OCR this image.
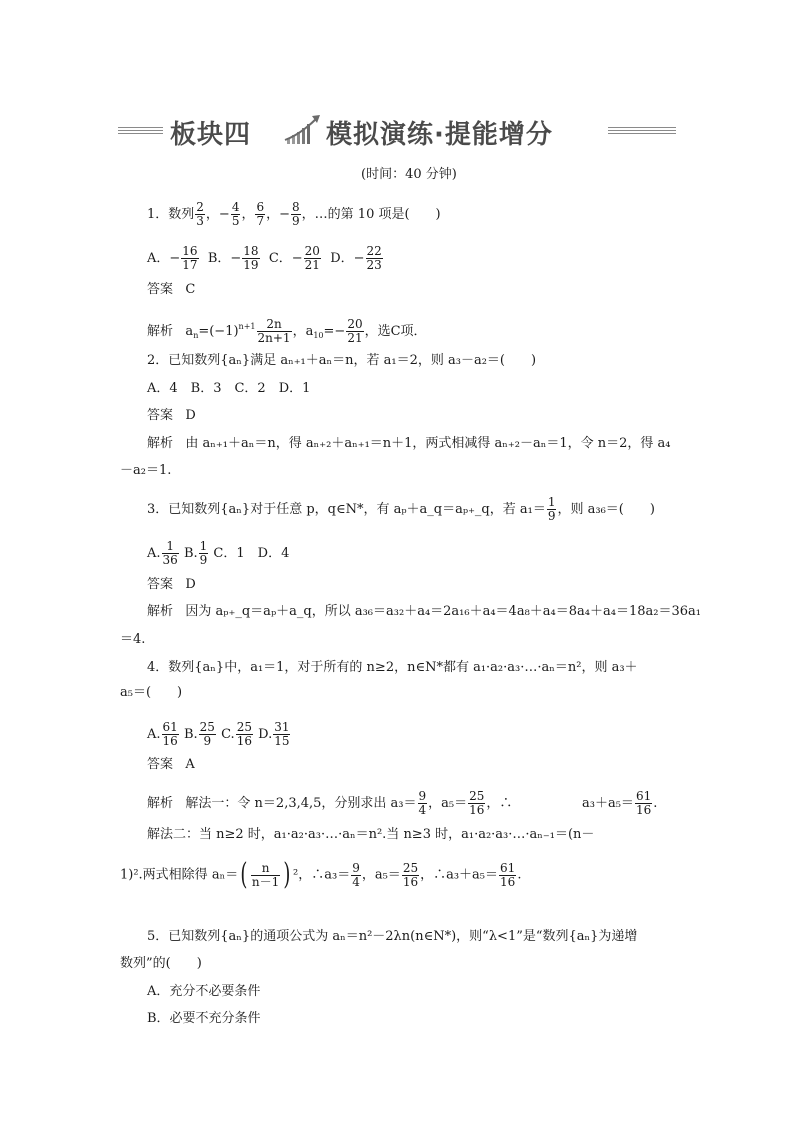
板块四	模拟演练·提能增分
(时间：40 分钟)
1．数列 $\frac{2}{3}$ ，− $\frac{4}{5}$ ， $\frac{6}{7}$ ，− $\frac{8}{9}$ ，…的第 10 项是(　　)
A．− $\frac{16}{17}$ B．− $\frac{18}{19}$ C．− $\frac{20}{21}$ D．− $\frac{22}{23}$
答案 C
解析 $a_n=(-1)^{n+1} \frac{2n}{2n+1}$ ，$a_{10}=- \frac{20}{21}$ ，选C项．
2．已知数列{aₙ}满足 aₙ₊₁＋aₙ＝n，若 a₁＝2，则 a₃－a₂＝(　　)
A．4　B．3　C．2　D．1
答案 D
解析 由 aₙ₊₁＋aₙ＝n，得 aₙ₊₂＋aₙ₊₁＝n＋1，两式相减得 aₙ₊₂－aₙ＝1，令 n＝2，得 a₄
－a₂＝1.
3．已知数列{aₙ}对于任意 p，q∈N*，有 aₚ＋a_q＝aₚ₊_q，若 $a_1= \frac{1}{9}$ ，则 a₃₆＝(　　)
A. $\frac{1}{36} B$. $\frac{1}{9}$ C．1　D．4
答案 D
解析 因为 aₚ₊_q＝aₚ＋a_q，所以 a₃₆＝a₃₂＋a₄＝2a₁₆＋a₄＝4a₈＋a₄＝8a₄＋a₄＝18a₂＝36a₁
＝4.
4．数列{aₙ}中，a₁＝1，对于所有的 n≥2，n∈N*都有 a₁·a₂·a₃·…·aₙ＝n²，则 a₃＋
a₅＝(　　)
A. $\frac{61}{16} B$. $\frac{25}{9} C$. $\frac{25}{16} D$. $\frac{31}{15}$
答案 A
解析 解法一：令 n＝2,3,4,5，分别求出 $a_3= \frac{9}{4}$ ，$a_5= \frac{25}{16}$ ，∴	$a_3+a_5= \frac{61}{16}$ .
解法二：当 n≥2 时，a₁·a₂·a₃·…·aₙ＝n².当 n≥3 时，a₁·a₂·a₃·…·aₙ₋₁＝(n－
1)².两式相除得 $a_n=( \frac{n}{n-1}$ ) ²，∴a₃＝ $\frac{9}{4}$ ，$a_5= \frac{25}{16}$ ，∴a₃＋a₅＝ $\frac{61}{16}$ .
5．已知数列{aₙ}的通项公式为 aₙ＝n²－2λn(n∈N*)，则“λ<1”是“数列{aₙ}为递增
数列”的(　　)
A．充分不必要条件
B．必要不充分条件
